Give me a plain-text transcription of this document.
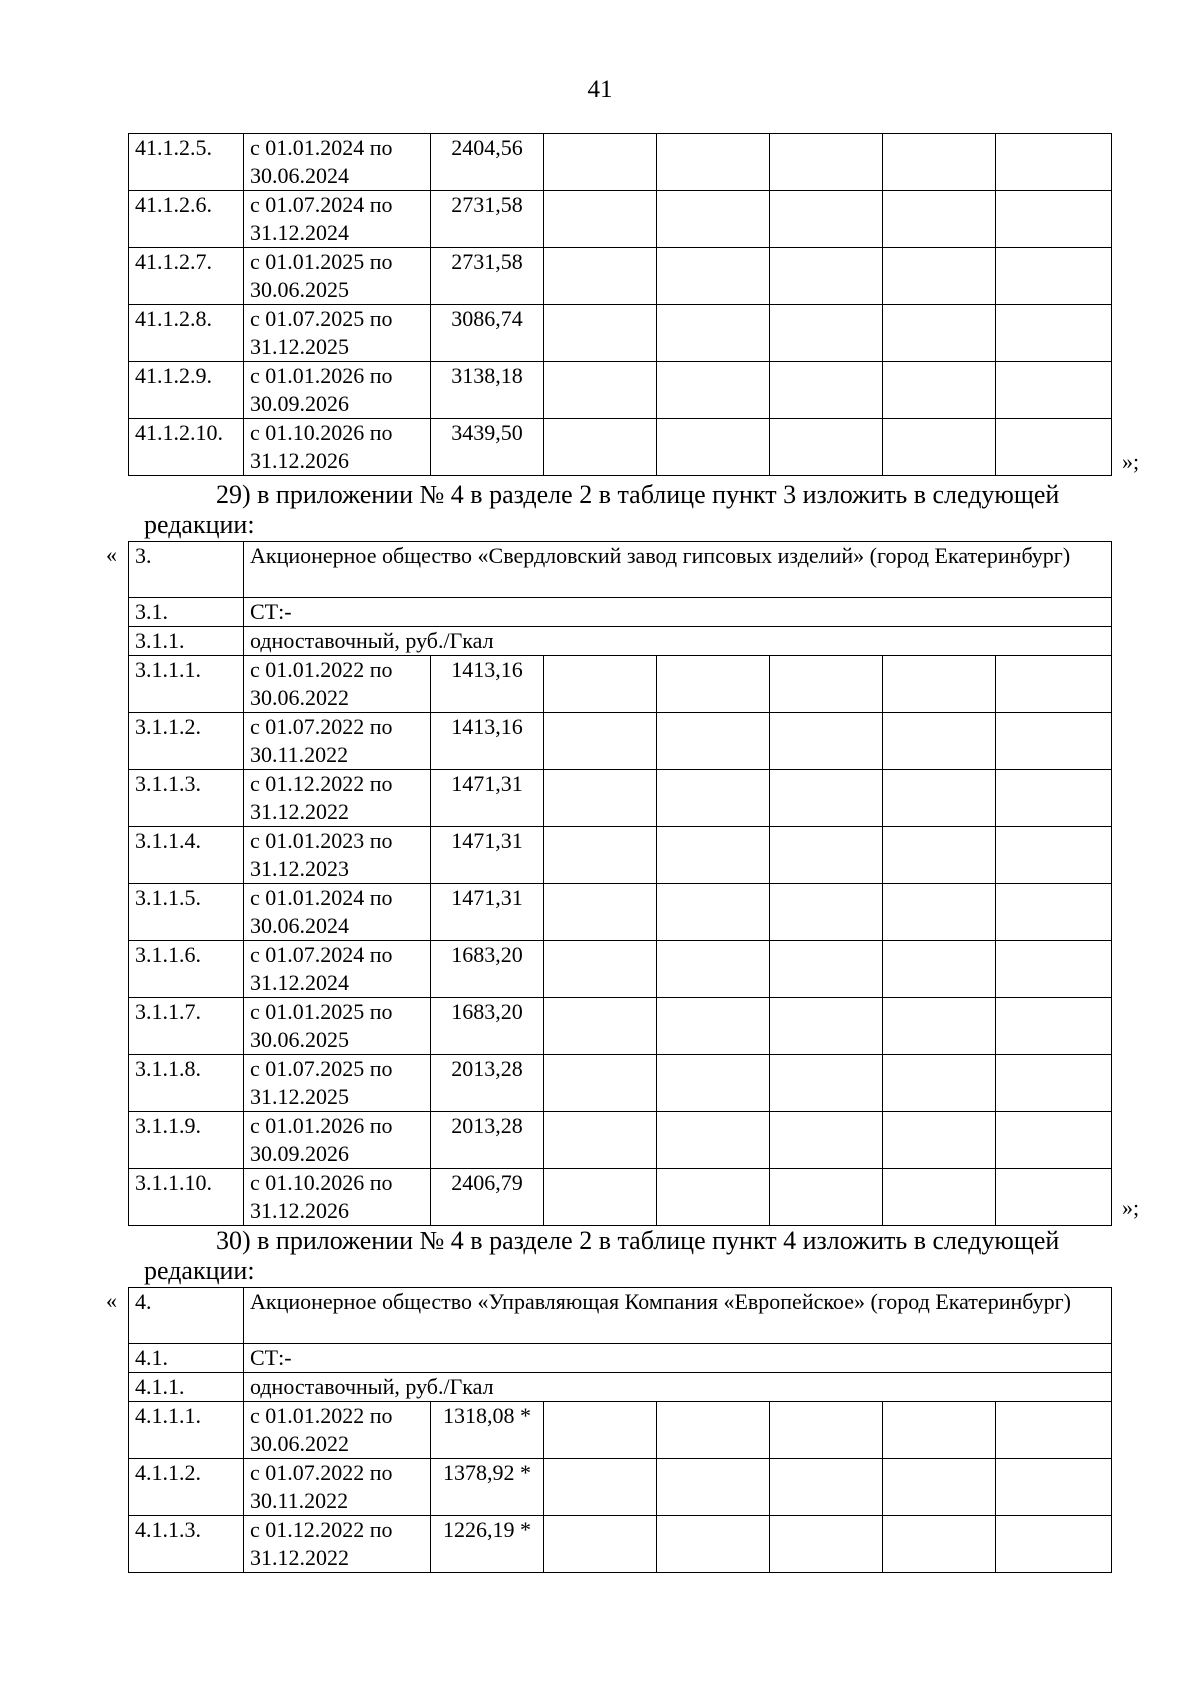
41
41.1.2.5.	с 01.01.2024 по 30.06.2024	2404,56					
41.1.2.6.	с 01.07.2024 по 31.12.2024	2731,58					
41.1.2.7.	с 01.01.2025 по 30.06.2025	2731,58					
41.1.2.8.	с 01.07.2025 по 31.12.2025	3086,74					
41.1.2.9.	с 01.01.2026 по 30.09.2026	3138,18					
41.1.2.10.	с 01.10.2026 по 31.12.2026	3439,50					
»;
29) в приложении № 4 в разделе 2 в таблице пункт 3 изложить в следующей
редакции:
« 3.	Акционерное общество «Свердловский завод гипсовых изделий» (город Екатеринбург)						
3.1.	СТ:-						
3.1.1.	одноставочный, руб./Гкал						
3.1.1.1.	с 01.01.2022 по 30.06.2022	1413,16					
3.1.1.2.	с 01.07.2022 по 30.11.2022	1413,16					
3.1.1.3.	с 01.12.2022 по 31.12.2022	1471,31					
3.1.1.4.	с 01.01.2023 по 31.12.2023	1471,31					
3.1.1.5.	с 01.01.2024 по 30.06.2024	1471,31					
3.1.1.6.	с 01.07.2024 по 31.12.2024	1683,20					
3.1.1.7.	с 01.01.2025 по 30.06.2025	1683,20					
3.1.1.8.	с 01.07.2025 по 31.12.2025	2013,28					
3.1.1.9.	с 01.01.2026 по 30.09.2026	2013,28					
3.1.1.10.	с 01.10.2026 по 31.12.2026	2406,79					
»;
30) в приложении № 4 в разделе 2 в таблице пункт 4 изложить в следующей
редакции:
« 4.	Акционерное общество «Управляющая Компания «Европейское» (город Екатеринбург)						
4.1.	СТ:-						
4.1.1.	одноставочный, руб./Гкал						
4.1.1.1.	с 01.01.2022 по 30.06.2022	1318,08 *					
4.1.1.2.	с 01.07.2022 по 30.11.2022	1378,92 *					
4.1.1.3.	с 01.12.2022 по 31.12.2022	1226,19 *					
